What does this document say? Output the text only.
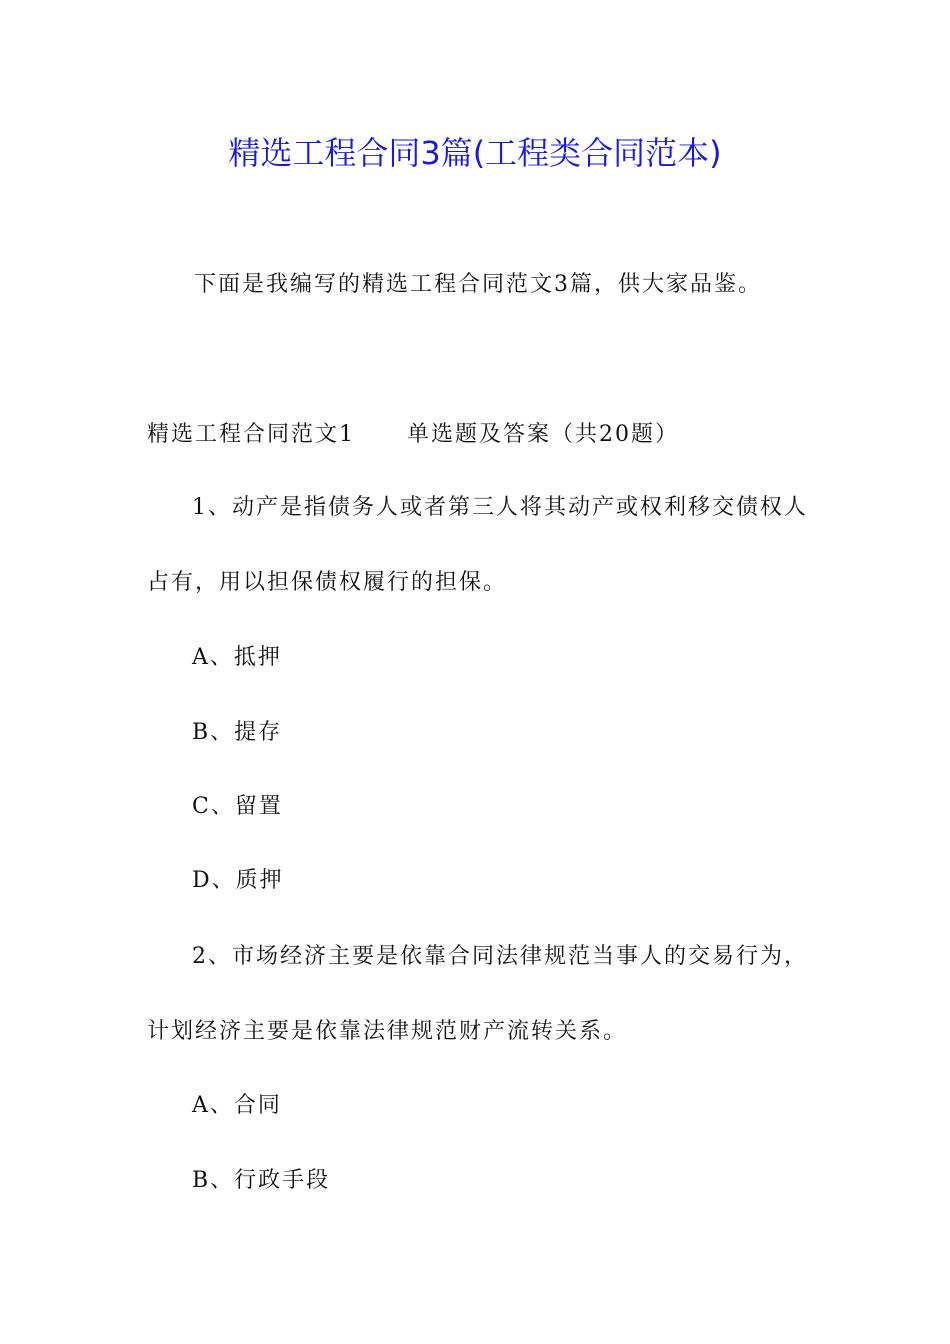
精选工程合同3篇(工程类合同范本)
下面是我编写的精选工程合同范文3篇，供大家品鉴。
精选工程合同范文1 单选题及答案（共20题）
1、动产是指债务人或者第三人将其动产或权利移交债权人
占有，用以担保债权履行的担保。
A、抵押
B、提存
C、留置
D、质押
2、市场经济主要是依靠合同法律规范当事人的交易行为，
计划经济主要是依靠法律规范财产流转关系。
A、合同
B、行政手段
